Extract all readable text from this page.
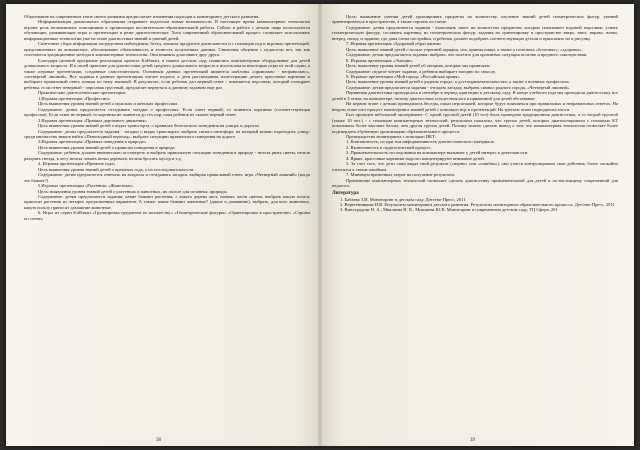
Образование на современном этапе своего развития предполагает изменения подходов к мониторингу детского развития.

Информатизация дошкольного образования открывает педагогам новые возможности. В настоящее время компьютерные технологии играют роль незаменимых помощников в организации воспитательно-образовательной работы. Сейчас в работе с детьми чаще используются обучающие, развивающие игры и презентации и реже диагностические. Хотя современный образовательный процесс позволяет использовать информационные технологии уже на этапе диагностики знаний и умений детей.

Синтезные сбора информации посредством наблюдения, бесед, анализа продуктов деятельности и с помощью игр и игровых презентаций, представленных на компьютере, обеспечивают объективность и точность полученных данных. Снижения общения с педагогом нет, так как сочетаются традиционные методы и компьютерные технологии. Они взаимно дополняют друг друга.

Благодаря целевой программе реализации проекта KidSmart, в нашем детском саду появились компьютерные оборудование для детей дошкольного возраста. И в своей практике для диагностики детей среднего дошкольного возраста я использовала некоторые игры из этой серии, а также игровые презентации, созданные самостоятельно. Основным данных презентаций являются шаблоны «правильно - неправильно», «четвертый лишний». Все задания в данных презентациях читает педагог, а дети рассматривая иллюстрацию делает, красочные картинки и выбирает правильный ответ, кликая по нему мышкой. В результате, если ребенок дал верный ответ - появляется персонаж, который поощряет ребенка, если ответ неверный - персонаж грустный, предлагает вернуться к данному заданию еще раз.

Практические диагностические презентации:

1.Игровая презентация «Профессии»

Цель выявления уровня знаний детей о мужских и женских профессиях.

Содержание: детям предлагается отгадывать загадки о профессиях. Если ответ верный, то появится картинка (соответствующая профессии). Если ответ не верный, то картинка не появится до тех пор, пока ребенок не скажет верный ответ.

2.Игровая презентация «Правила дорожного движения»

Цель выявления уровня знаний детей о видах транспорта, о правилах безопасного поведения на улицах и дорогах.

Содержание: детям предлагается задания - загадки о видах транспорта; выбрать сигнал светофора, на который можно переходить улицу; среди множества знаков найти «Пешеходный переход»; выбрать ситуацию правильного поведения на дороге.

3.Игровая презентация «Правила поведения в природе»

Цель выявления уровня знаний детей о правилах поведения в природе.

Содержание: ребенок должен внимательно посмотреть и выбрать правильную ситуацию поведения в природе - нельзя рвать цветы, нельзя разорять гнезда, в лесу нельзя ломать ветки деревьев, нельзя бросать мусор и т.д.

4. Игровая презентация «Времена года»

Цель выявления уровня знаний детей о временах года, о их последовательности.

Содержание: детям предлагается отвечать на вопросы и отгадывать загадки, выбирая правильный ответ, игра «Четвертый лишний» (когда это бывает?)

5.Игровые презентации «Растения» «Животные»

Цель: выявления уровня знаний детей о растениях и животных, их пользе для человека, природы.

Содержание: детям предлагаются задания: какие бывают растения, с какого дерева лист, назвать части цветка, выбрать какую пользу приносят растения из четырех предложенных вариантов. А также: какие бывают животные? (дикие и домашние), выбрать, для кого животных, какую пользу приносят домашние животные.

6. Игры из серии KidSmart «Группировка предметов по количеству» «Геометрические фигуры» «Ориентировка в пространстве» «Строим по схеме»

38

Цель: выявление умения детей группировать предметы по количеству, изучение знаний детей геометрических фигур, умений ориентироваться в пространстве, а также строить по схеме.

Содержание: детям предлагаются задания - выполнять такое же количество предметов, которые показывает игровой персонаж; узнать геометрическую фигуру, составить картинку из геометрических фигур; задания на ориентировку в пространстве вверх, вниз, вправо, влево, вперед, назад; и задание, где дана схема постройки, и ребенок должен подобрать соответствующие детали и приложить их к рисунку.

7. Игровая презентация «Здоровый образ жизни»

Цель: выявление знаний детей о пользе утренней зарядки, сна, приема пищи, а также о полезных «болезнях», «здоровье».

Содержание: детям предлагаются задания: выбрать, что полезно для организма, ситуация полезно и вредного самочувствия.

8. Игровая презентация «Эмоции»

Цель: выявление уровня знаний детей об эмоциях, которые мы проявляем.

Содержание: педагог читает задание, а ребенок выбирает эмоцию по смыслу.

9. Игровые презентации «Мой город» «Российская армия»

Цель: выявление уровня знаний детей о родном городе, о достопримечательностях; а также о военных профессиях.

Содержание: детям предлагается задания - отгадать загадку, выбрать символ родного города, «Четвертый лишний».

Первичная диагностика проводилась в сентябре в период адаптации к детскому саду. В конце учебного года мы проводили диагностику все детей в 3 этапа: на компьютере, потому диагностика осуществлялась в привычной для детей обстановке.

На первом этапе с детьми проводились беседы, показ персонажей, которые будут появляться при правильных и неправильных ответах. На втором этапе шел процесс мониторинга знаний детей с помощью игр и презентаций. На третьем этапе подводились итоги.

Был проведен небольшой эксперимент: С одной группой детей (10 чел) была проведена традиционная диагностика, а со второй группой (также 10 чел.) - с помощью компьютерных технологий, результаты показали, что группа детей, которых диагностировали с помощью КТ показывало более высокие баллы, чем другая группа детей. Потому можно сделать вывод о том, что компьютерная технология позволяет более подтвердить обученную организацию образовательного процесса.

Преимущество мониторинга с помощью ИКТ:

1. Компактность, по при том информативность диагностического материала.

2. Включенность в педагогический процесс.

3. Привлекательность исследования на компьютере вызывает у детей интерес к деятельности.

4. Яркие, красочные картинки надолго концентрируют внимание детей.

5. За счет того, что дети сами видят свой результат («верно» или «ошибка»), они учатся контролировать свои действия, более спокойно относятся к своим ошибкам.

7. Минимум временных затрат на получение результата.

Применение компьютерных технологий позволяет сделать диагностику привлекательной для детей и по-настоящему современной для педагога.

Литература

1. Бабаева Т.И. Мониторинг в детском саду. Детство-Пресс, 2011

2. Веретенникова Н.В. Результаты мониторинга детского развития. Результаты мониторинга образовательного процесса. Детство-Пресс, 2011

3. Виноградова Н. А., Микляева Н. В., Микляева Ю.В. Мониторинг в современном детском саду, ТЦ Сфера, 201

39
